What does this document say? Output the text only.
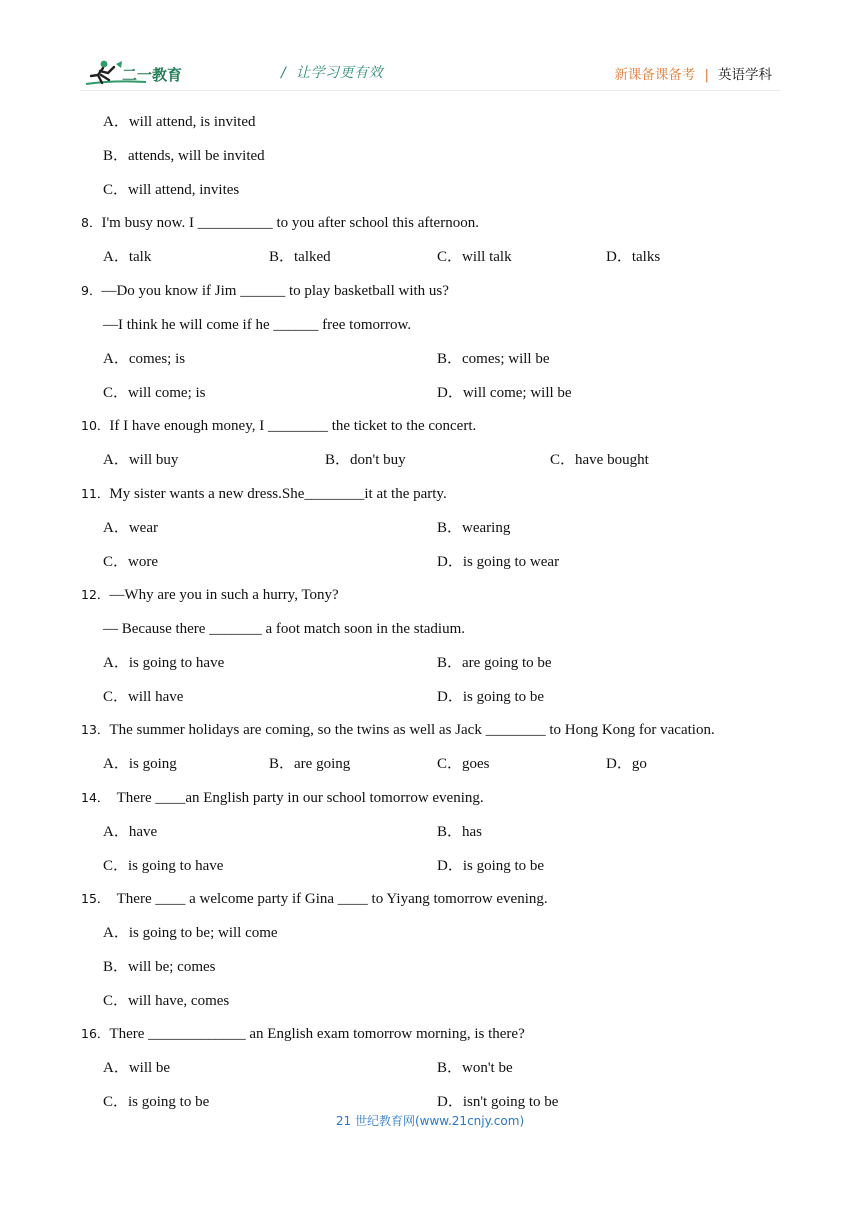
二一教育	/  让学习更有效	新课备课备考 | 英语学科
A．will attend, is invited
B．attends, will be invited
C．will attend, invites
8．I'm busy now. I __________ to you after school this afternoon.
A．talk	B．talked	C．will talk	D．talks
9．—Do you know if Jim ______ to play basketball with us?
—I think he will come if he ______ free tomorrow.
A．comes; is	B．comes; will be
C．will come; is	D．will come; will be
10．If I have enough money, I ________ the ticket to the concert.
A．will buy	B．don't buy	C．have bought
11．My sister wants a new dress.She________it at the party.
A．wear	B．wearing
C．wore	D．is going to wear
12．—Why are you in such a hurry, Tony?
— Because there _______ a foot match soon in the stadium.
A．is going to have	B．are going to be
C．will have	D．is going to be
13．The summer holidays are coming, so the twins as well as Jack ________ to Hong Kong for vacation.
A．is going	B．are going	C．goes	D．go
14．  There ____an English party in our school tomorrow evening.
A．have	B．has
C．is going to have	D．is going to be
15．  There ____ a welcome party if Gina ____ to Yiyang tomorrow evening.
A．is going to be; will come
B．will be; comes
C．will have, comes
16．There _____________ an English exam tomorrow morning, is there?
A．will be	B．won't be
C．is going to be	D．isn't going to be
21 世纪教育网(www.21cnjy.com)
